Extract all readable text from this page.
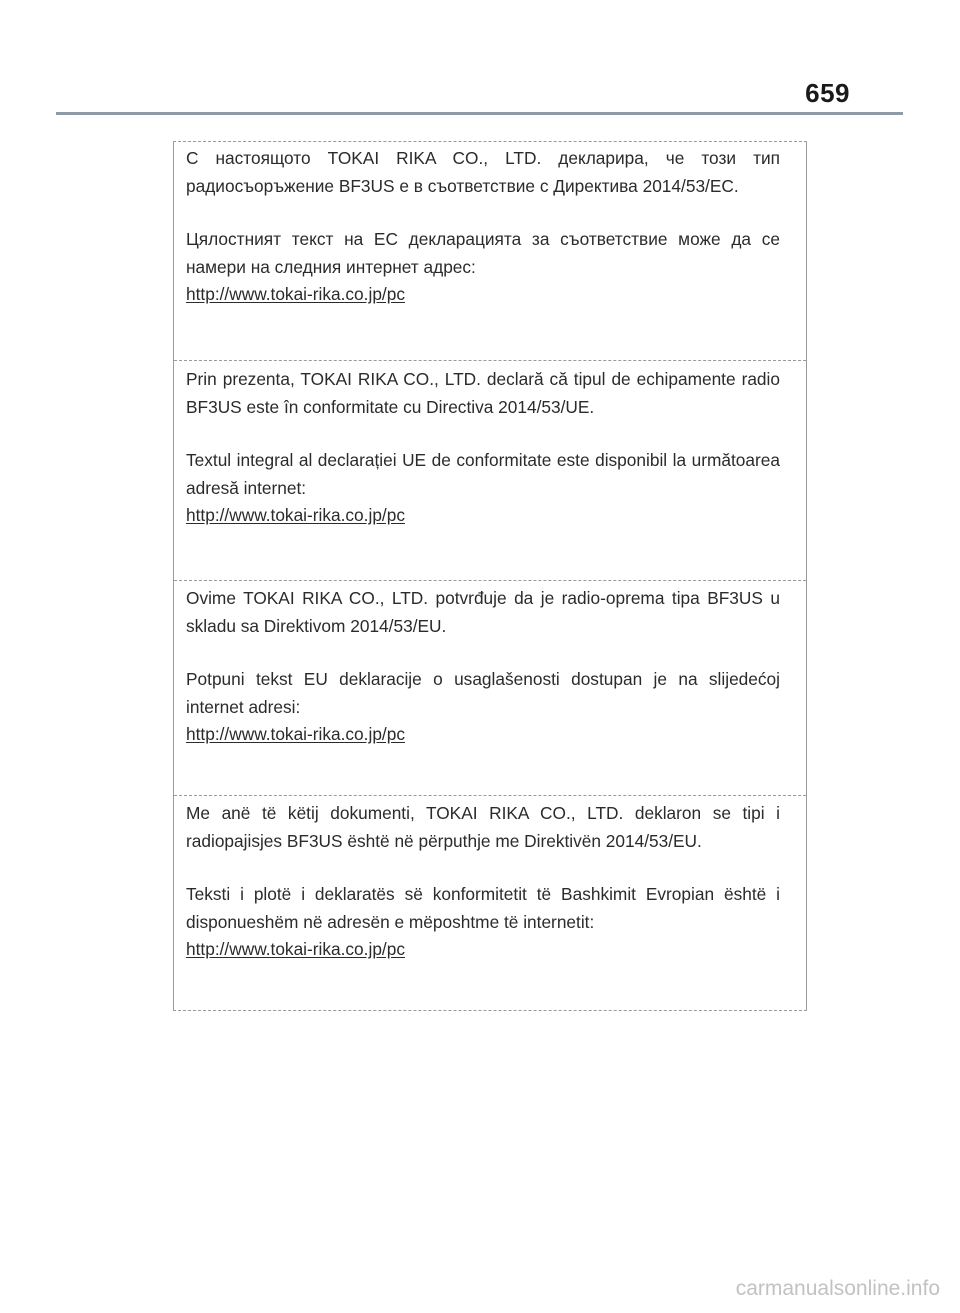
659

С настоящото TOKAI RIKA CO., LTD. декларира, че този тип радиосъоръжение BF3US е в съответствие с Директива 2014/53/ЕС.

Цялостният текст на ЕС декларацията за съответствие може да се намери на следния интернет адрес:

http://www.tokai-rika.co.jp/pc

Prin prezenta, TOKAI RIKA CO., LTD. declară că tipul de echipamente radio BF3US este în conformitate cu Directiva 2014/53/UE.

Textul integral al declarației UE de conformitate este disponibil la următoarea adresă internet:

http://www.tokai-rika.co.jp/pc

Ovime TOKAI RIKA CO., LTD. potvrđuje da je radio-oprema tipa BF3US u skladu sa Direktivom 2014/53/EU.

Potpuni tekst EU deklaracije o usaglašenosti dostupan je na slijedećoj internet adresi:

http://www.tokai-rika.co.jp/pc

Me anë të këtij dokumenti, TOKAI RIKA CO., LTD. deklaron se tipi i radiopajisjes BF3US është në përputhje me Direktivën 2014/53/EU.

Teksti i plotë i deklaratës së konformitetit të Bashkimit Evropian është i disponueshëm në adresën e mëposhtme të internetit:

http://www.tokai-rika.co.jp/pc
carmanualsonline.info
